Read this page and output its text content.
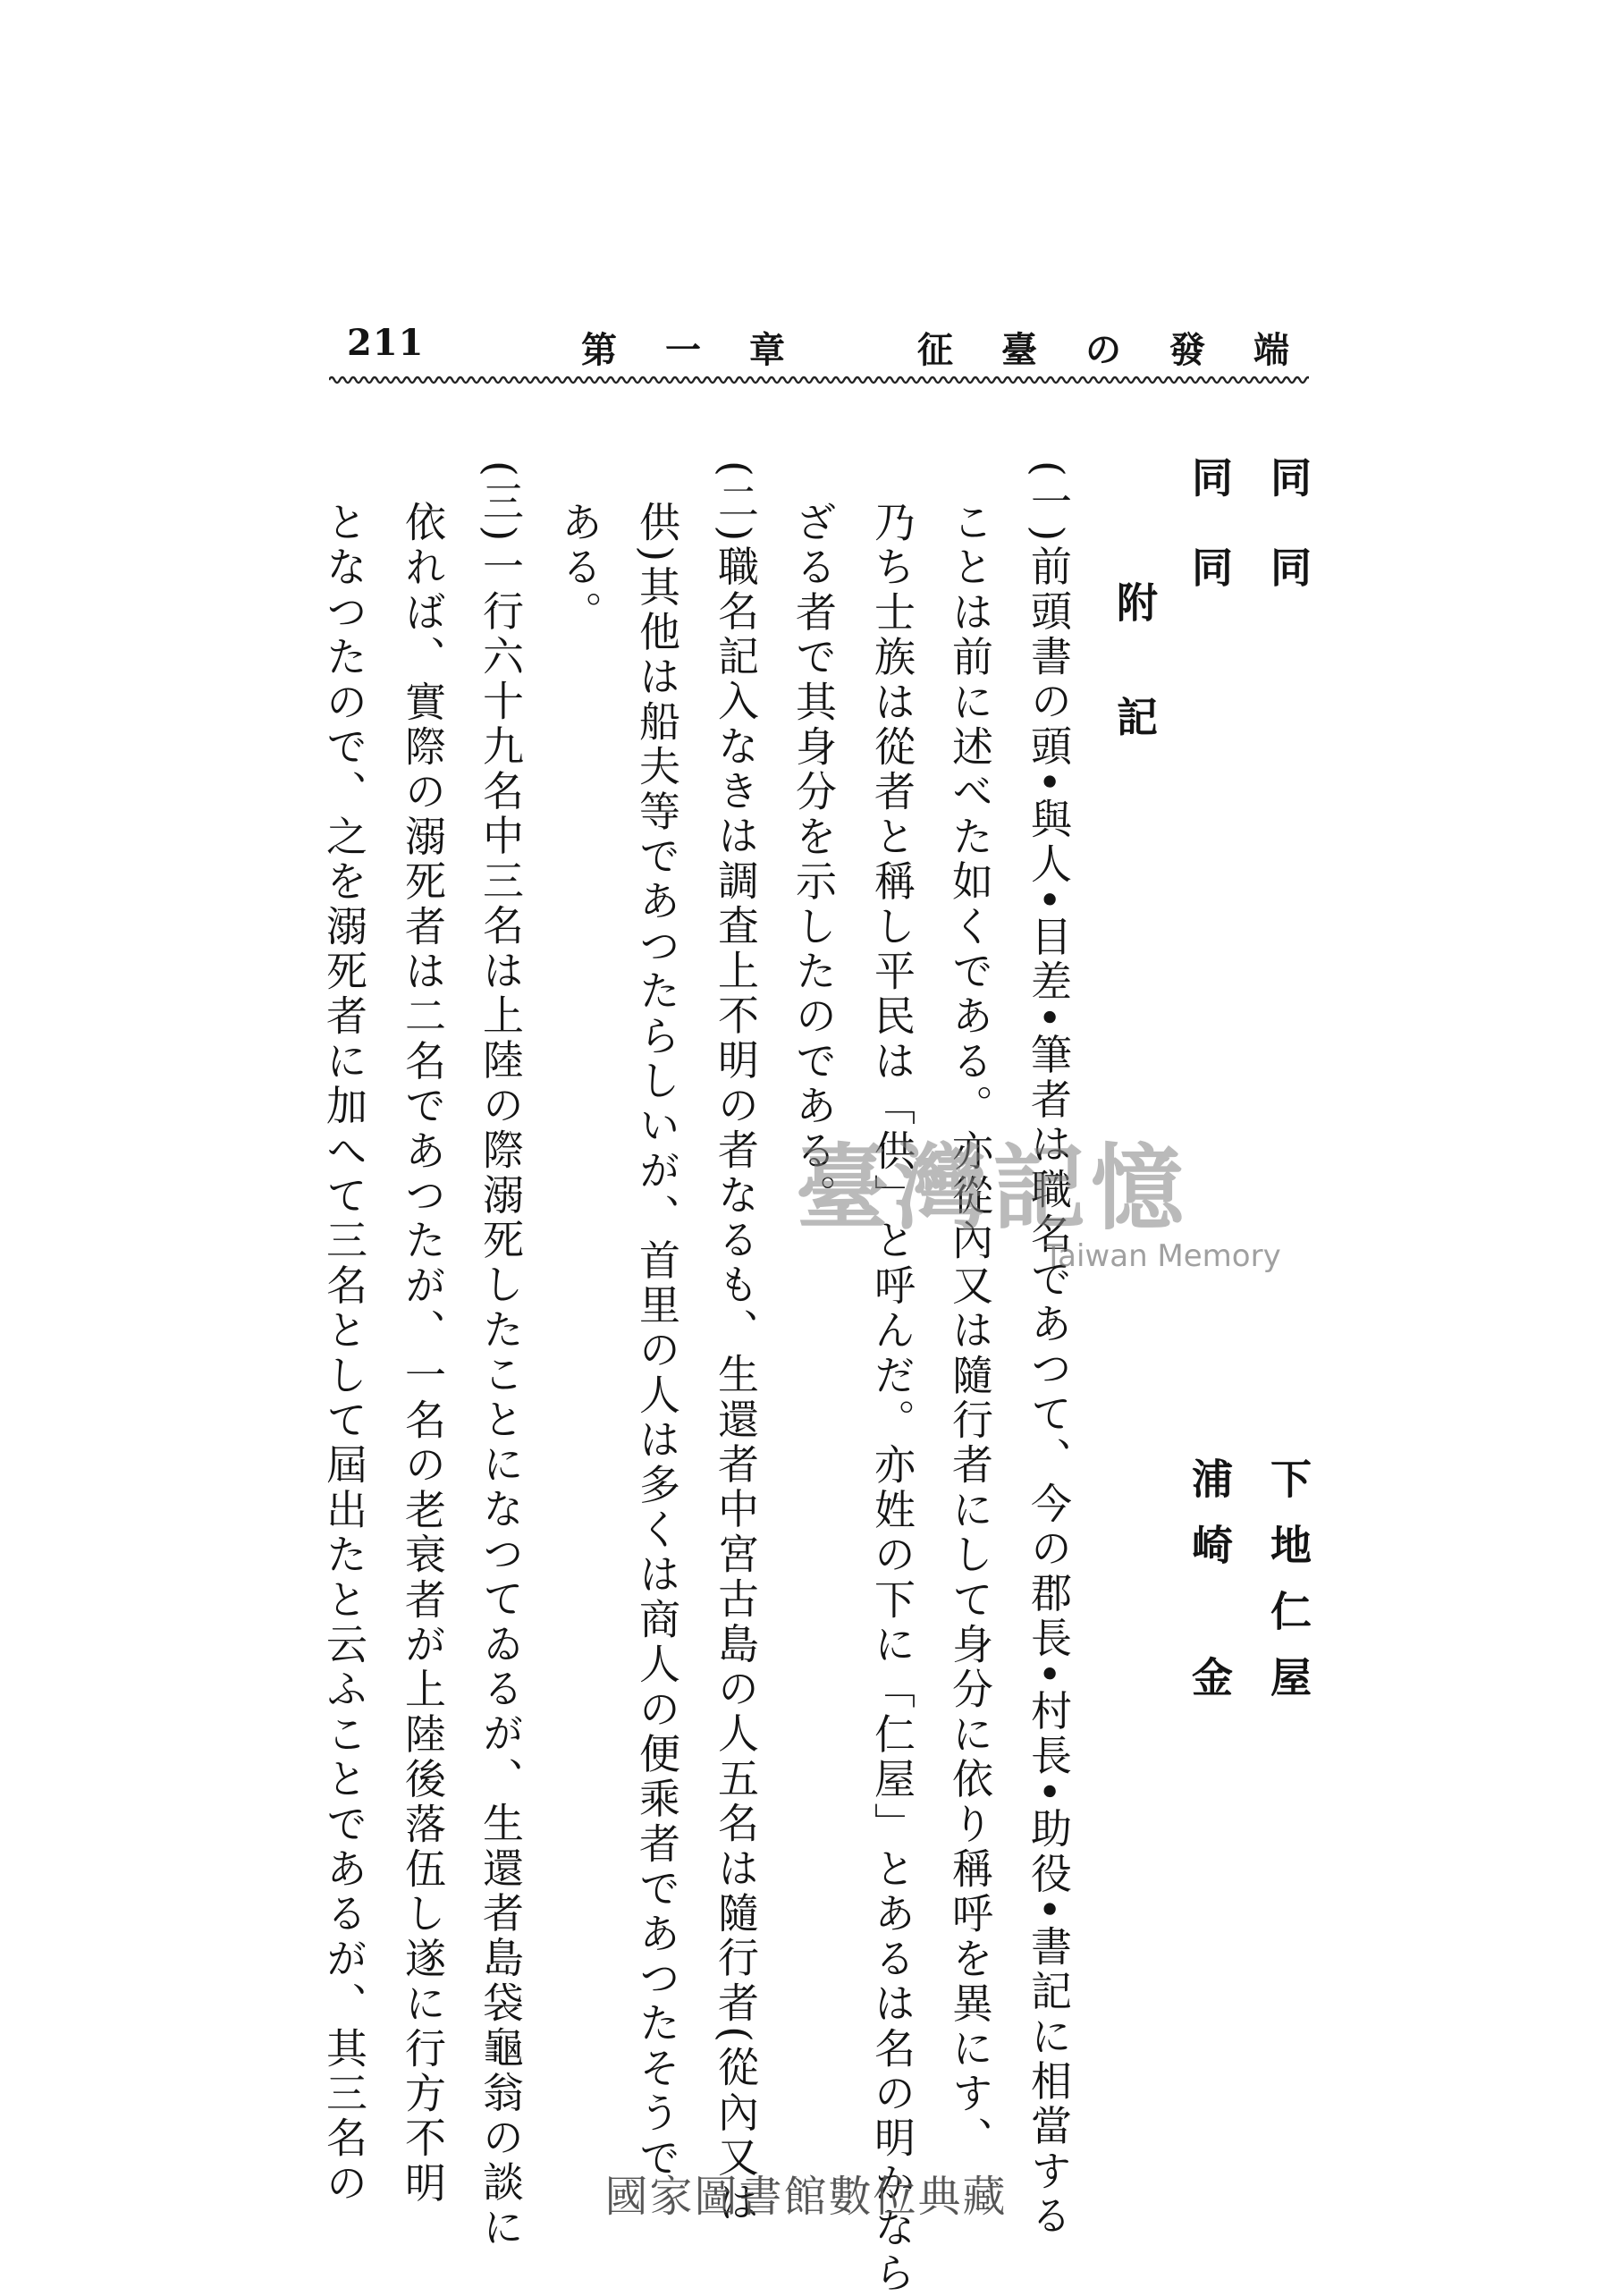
211	第一章　征臺の發端
同　同
下地仁屋
同　同
浦崎　金
附　記
(一)前頭書の頭•與人•目差•筆者は職名であつて、今の郡長•村長•助役•書記に相當する
ことは前に述べた如くである。亦從內又は隨行者にして身分に依り稱呼を異にす、
乃ち士族は從者と稱し平民は「供」と呼んだ。亦姓の下に「仁屋」とあるは名の明かなら
ざる者で其身分を示したのである。
(二)職名記入なきは調査上不明の者なるも、生還者中宮古島の人五名は隨行者(從內又は
供)其他は船夫等であつたらしいが、首里の人は多くは商人の便乘者であつたそうで
ある。
(三)一行六十九名中三名は上陸の際溺死したことになつてゐるが、生還者島袋龜翁の談に
依れば、實際の溺死者は二名であつたが、一名の老衰者が上陸後落伍し遂に行方不明
となつたので、之を溺死者に加へて三名として屆出たと云ふことであるが、其三名の	臺灣記憶
Taiwan Memory
國家圖書館數位典藏
